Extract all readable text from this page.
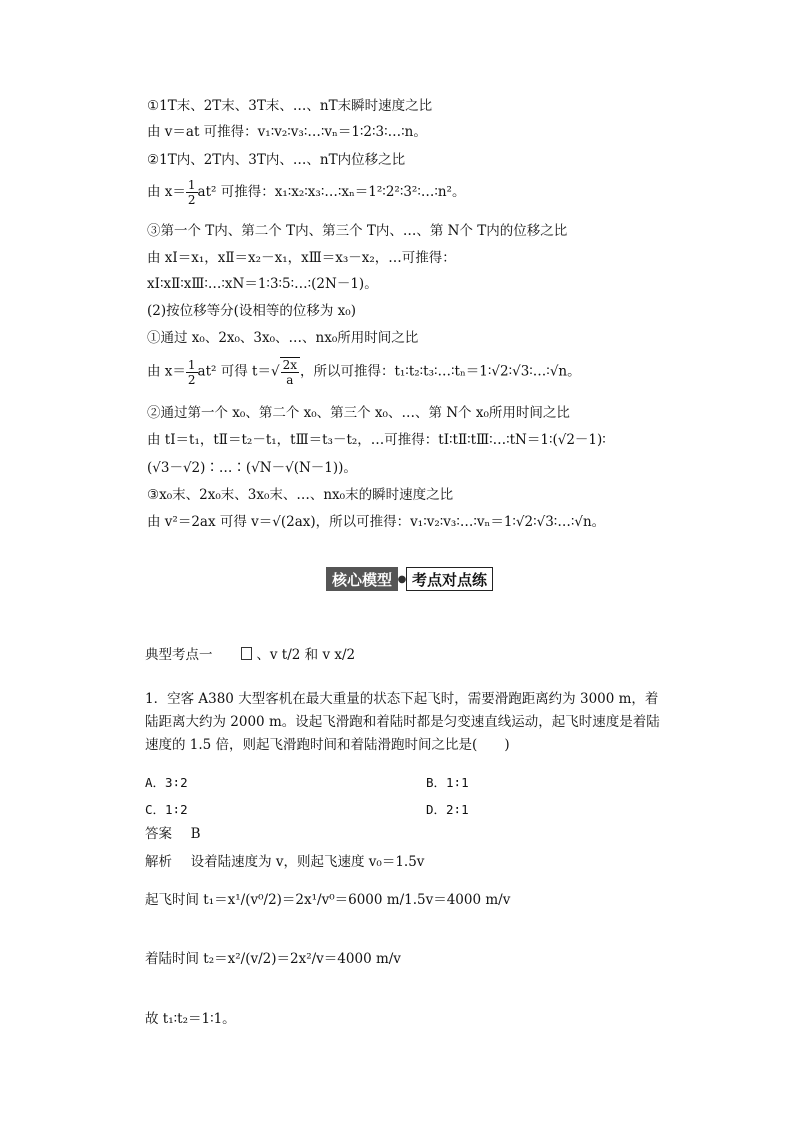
①1T末、2T末、3T末、…、nT末瞬时速度之比
由 v＝at 可推得：v₁∶v₂∶v₃∶…∶vₙ＝1∶2∶3∶…∶n。
②1T内、2T内、3T内、…、nT内位移之比
由 $x= \frac{1}{2} at^2$ 可推得：x₁∶x₂∶x₃∶…∶xₙ＝1²∶2²∶3²∶…∶n²。
③第一个 T内、第二个 T内、第三个 T内、…、第 N个 T内的位移之比
由 xⅠ＝x₁，xⅡ＝x₂－x₁，xⅢ＝x₃－x₂，…可推得：
xⅠ∶xⅡ∶xⅢ∶…∶xN＝1∶3∶5∶…∶(2N－1)。
(2)按位移等分(设相等的位移为 x₀)
①通过 x₀、2x₀、3x₀、…、nx₀所用时间之比
由 $x= \frac{1}{2} at^2$ 可得 $t=√ \frac{2x}{a}$ ，所以可推得：t₁∶t₂∶t₃∶…∶tₙ＝1∶√2∶√3∶…∶√n。
②通过第一个 x₀、第二个 x₀、第三个 x₀、…、第 N个 x₀所用时间之比
由 tⅠ＝t₁，tⅡ＝t₂－t₁，tⅢ＝t₃－t₂，…可推得：tⅠ∶tⅡ∶tⅢ∶…∶tN＝1∶(√2－1)∶
(√3－√2)∶…∶(√N－√(N－1))。
③x₀末、2x₀末、3x₀末、…、nx₀末的瞬时速度之比
由 v²＝2ax 可得 v＝√(2ax)，所以可推得：v₁∶v₂∶v₃∶…∶vₙ＝1∶√2∶√3∶…∶√n。
核心模型 ● 考点对点练
典型考点一	、v t/2 和 v x/2
1．空客 A380 大型客机在最大重量的状态下起飞时，需要滑跑距离约为 3000 m，着陆距离大约为 2000 m。设起飞滑跑和着陆时都是匀变速直线运动，起飞时速度是着陆速度的 1.5 倍，则起飞滑跑时间和着陆滑跑时间之比是(　　)
A．3∶2	B．1∶1
C．1∶2	D．2∶1
答案 B
解析 设着陆速度为 v，则起飞速度 v₀＝1.5v
起飞时间 t₁＝x¹/(v⁰/2)＝2x¹/v⁰＝6000 m/1.5v＝4000 m/v
着陆时间 t₂＝x²/(v/2)＝2x²/v＝4000 m/v
故 t₁∶t₂＝1∶1。
